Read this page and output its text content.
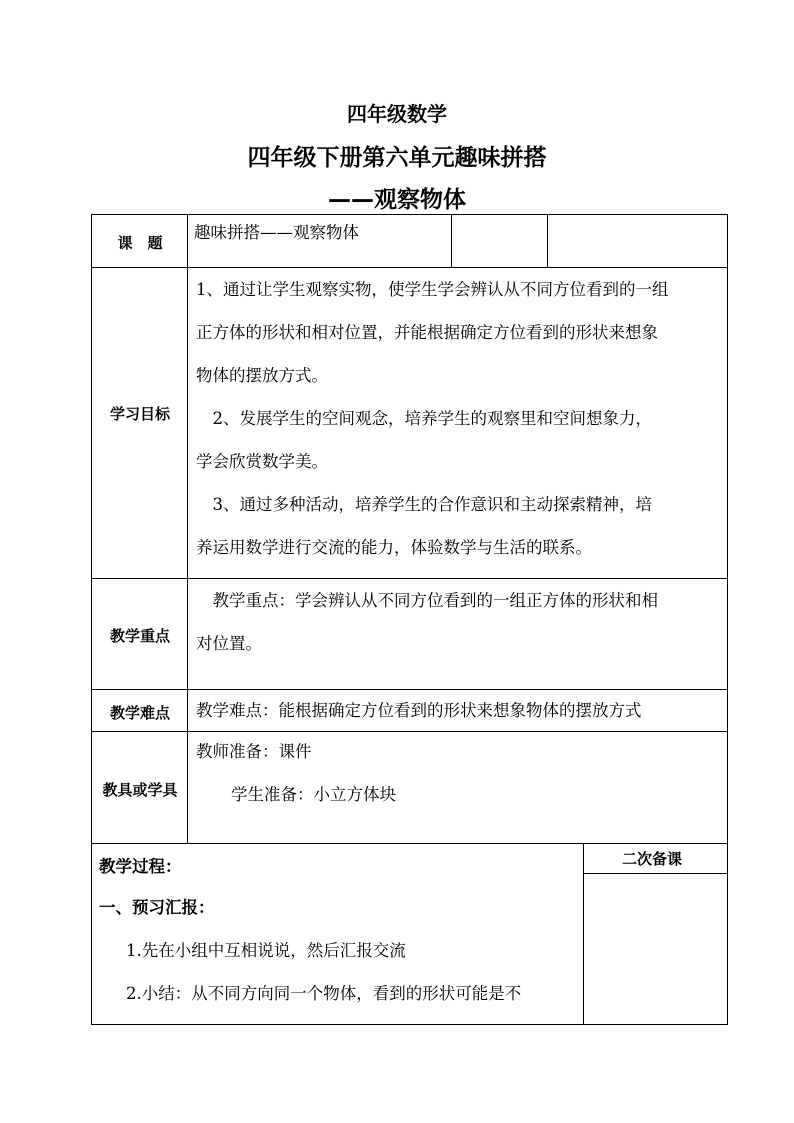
四年级数学
四年级下册第六单元趣味拼搭
——观察物体
课　题
趣味拼搭——观察物体
学习目标
1、通过让学生观察实物，使学生学会辨认从不同方位看到的一组
正方体的形状和相对位置，并能根据确定方位看到的形状来想象
物体的摆放方式。
　2、发展学生的空间观念，培养学生的观察里和空间想象力，
学会欣赏数学美。
　3、通过多种活动，培养学生的合作意识和主动探索精神，培
养运用数学进行交流的能力，体验数学与生活的联系。
教学重点
　教学重点：学会辨认从不同方位看到的一组正方体的形状和相
对位置。
教学难点	教学难点：能根据确定方位看到的形状来想象物体的摆放方式
教具或学具
教师准备：课件
学生准备：小立方体块
教学过程：
一、预习汇报：
1.先在小组中互相说说，然后汇报交流
2.小结：从不同方向同一个物体，看到的形状可能是不
二次备课
